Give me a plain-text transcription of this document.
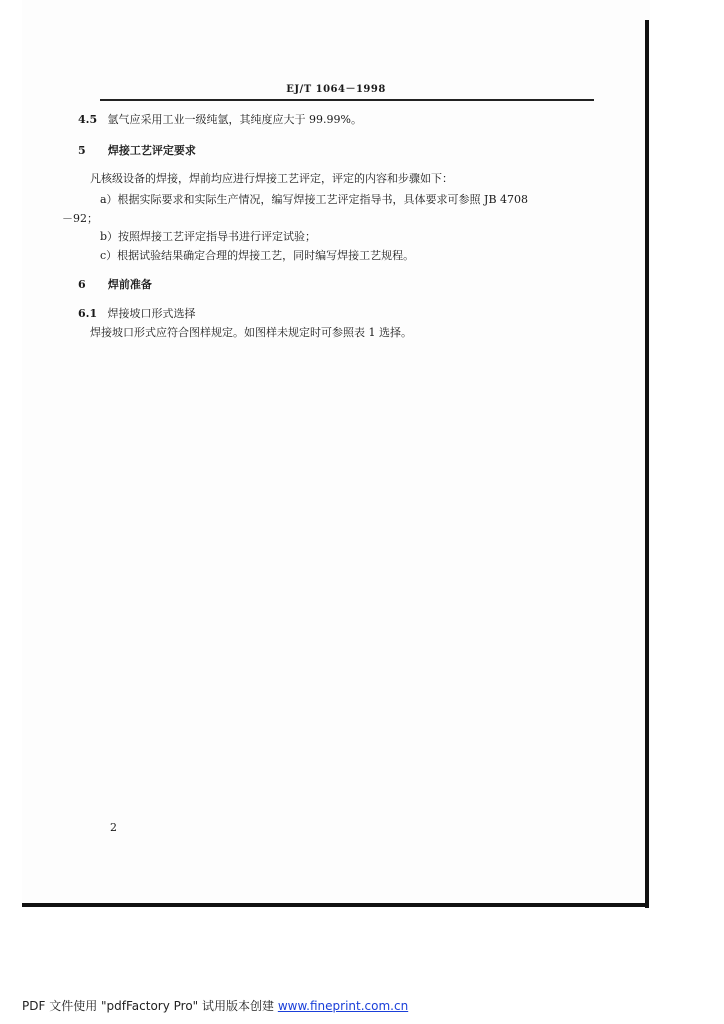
EJ/T 1064－1998
4.5 氩气应采用工业一级纯氩，其纯度应大于 99.99%。
5 焊接工艺评定要求
凡核级设备的焊接，焊前均应进行焊接工艺评定，评定的内容和步骤如下：
a）根据实际要求和实际生产情况，编写焊接工艺评定指导书，具体要求可参照 JB 4708
－92；
b）按照焊接工艺评定指导书进行评定试验；
c）根据试验结果确定合理的焊接工艺，同时编写焊接工艺规程。
6 焊前准备
6.1 焊接坡口形式选择
焊接坡口形式应符合图样规定。如图样未规定时可参照表 1 选择。
2
PDF 文件使用 "pdfFactory Pro" 试用版本创建 www.fineprint.com.cn
